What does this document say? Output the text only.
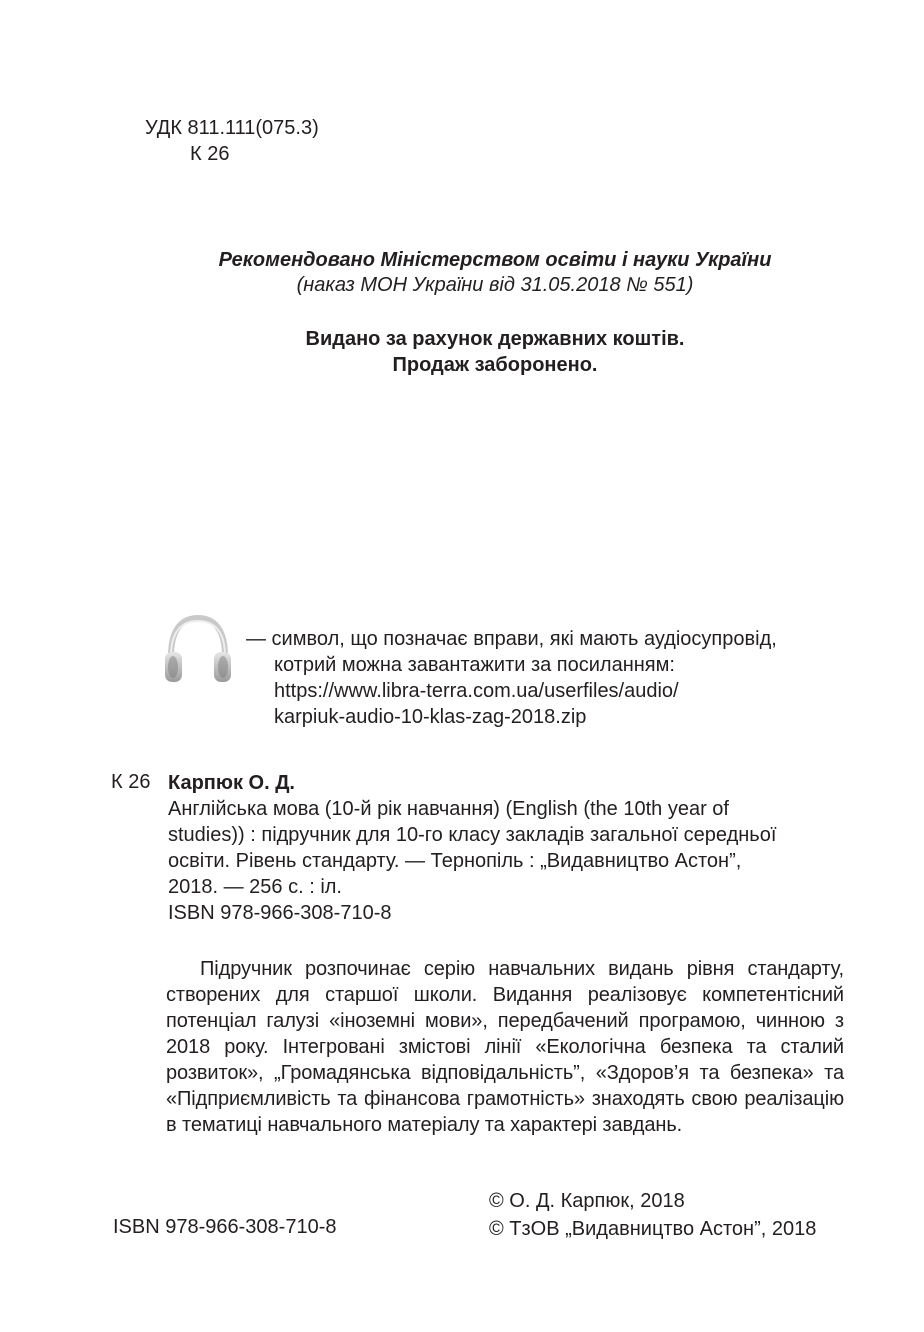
УДК 811.111(075.3)
К 26
Рекомендовано Міністерством освіти і науки України
(наказ МОН України від 31.05.2018 № 551)
Видано за рахунок державних коштів.
Продаж заборонено.
— символ, що позначає вправи, які мають аудіосупровід,
котрий можна завантажити за посиланням:
https://www.libra-terra.com.ua/userfiles/audio/
karpiuk-audio-10-klas-zag-2018.zip
К 26 Карпюк О. Д.
Англійська мова (10-й рік навчання) (English (the 10th year of
studies)) : підручник для 10-го класу закладів загальної середньої
освіти. Рівень стандарту. — Тернопіль : „Видавництво Астон”,
2018. — 256 с. : іл.
ISBN 978-966-308-710-8
Підручник розпочинає серію навчальних видань рівня стандарту, створених для старшої школи. Видання реалізовує компетентісний потенціал галузі «іноземні мови», передбачений програмою, чинною з 2018 року. Інтегровані змістові лінії «Екологічна безпека та сталий розвиток», „Громадянська відповідальність”, «Здоров’я та безпека» та «Підприємливість та фінансова грамотність» знаходять свою реалізацію в тематиці навчального матеріалу та характері завдань.
ISBN 978-966-308-710-8
© О. Д. Карпюк, 2018
© ТзОВ „Видавництво Астон”, 2018
